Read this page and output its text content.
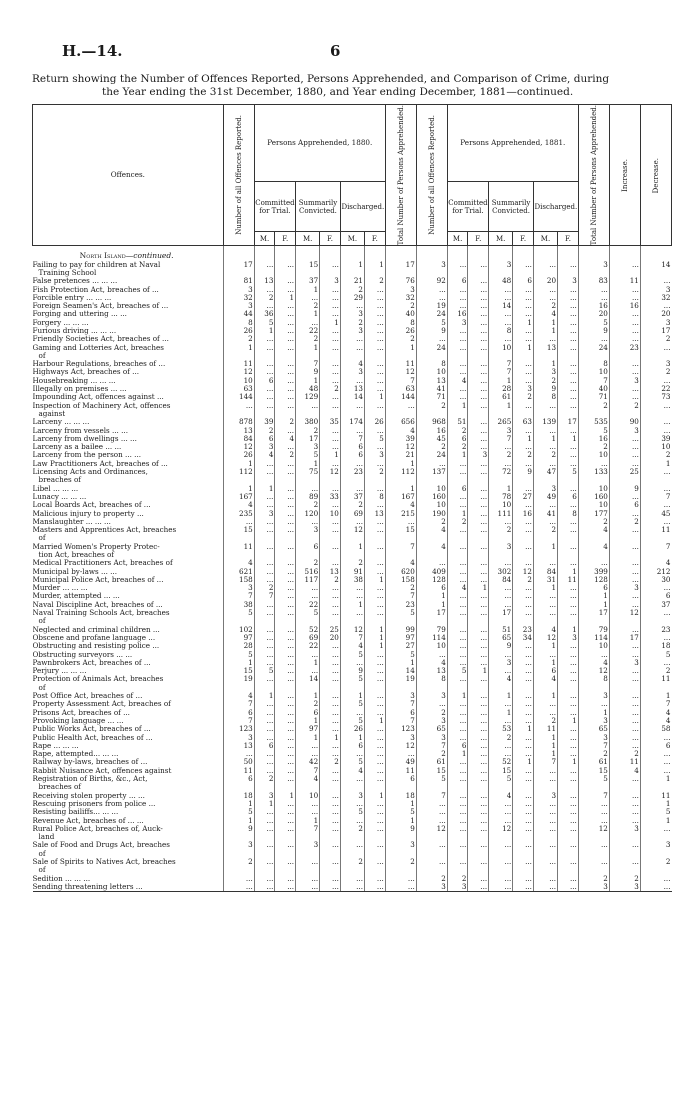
H.—14.	6
Return showing the Number of Offences Reported, Persons Apprehended, and Comparison of Crime, during
the Year ending the 31st December, 1880, and Year ending December, 1881—continued.
Offences.	Number of all Offences Reported.	Persons Apprehended, 1880.						Total Number of Persons Apprehended.	Number of all Offences Reported.	Persons Apprehended, 1881.						Total Number of Persons Apprehended.	Increase.	Decrease.

		Committed for Trial.		Summarily Convicted.		Discharged.				Committed for Trial.		Summarily Convicted.		Discharged.				
		M.	F.	M.	F.	M.	F.			M.	F.	M.	F.	M.	F.			
North Island—continued.																		

Failing to pay for children at Naval
Training School	17	...	...	15	...	1	1	17	3	...	...	3	...	...	...	3	...	14

False pretences ... ... ...	81	13	...	37	3	21	2	76	92	6	...	48	6	20	3	83	11	...

Fish Protection Act, breaches of ...	3	...	...	1	...	2	...	3	...	...	...	...	...	...	...	...	...	3

Forcible entry ... ... ...	32	2	1	...	...	29	...	32	...	...	...	...	...	...	...	...	...	32

Foreign Seamen's Act, breaches of ...	3	...	...	2	...	...	...	2	19	...	...	14	...	2	...	16	16	...

Forging and uttering ... ...	44	36	...	1	...	3	...	40	24	16	...	...	...	4	...	20	...	20

Forgery ... ... ...	8	5	...	...	1	2	...	8	5	3	...	...	1	1	...	5	...	3

Furious driving ... ... ...	26	1	...	22	...	3	...	26	9	...	...	8	...	1	...	9	...	17

Friendly Societies Act, breaches of ...	2	...	...	2	...	...	...	2	...	...	...	...	...	...	...	...	...	2

Gaming and Lotteries Act, breaches
of	1	...	...	1	...	...	...	1	24	...	...	10	1	13	...	24	23	...

Harbour Regulations, breaches of ...	11	...	...	7	...	4	...	11	8	...	...	7	...	1	...	8	...	3

Highways Act, breaches of ...	12	...	...	9	...	3	...	12	10	...	...	7	...	3	...	10	...	2

Housebreaking ... ... ...	10	6	...	1	...	...	...	7	13	4	...	1	...	2	...	7	3	...

Illegally on premises ... ...	63	...	...	48	2	13	...	63	41	...	...	28	3	9	...	40	...	22

Impounding Act, offences against ...	144	...	...	129	...	14	1	144	71	...	...	61	2	8	...	71	...	73

Inspection of Machinery Act, offences
against	...	...	...	...	...	...	...	...	2	1	...	1	...	...	...	2	2	...

Larceny ... ... ...	878	39	2	380	35	174	26	656	968	51	...	265	63	139	17	535	90	...

Larceny from vessels ... ...	13	2	...	2	...	...	...	4	16	2	...	3	...	...	...	5	3	...

Larceny from dwellings ... ...	84	6	4	17	...	7	5	39	45	6	...	7	1	1	1	16	...	39

Larceny as a bailee ... ...	12	3	...	3	...	6	...	12	2	2	...	...	...	...	...	2	...	10

Larceny from the person ... ...	26	4	2	5	1	6	3	21	24	1	3	2	2	2	...	10	...	2

Law Practitioners Act, breaches of ...	1	...	...	1	...	...	...	1	...	...	...	...	...	...	...	...	...	1

Licensing Acts and Ordinances,
breaches of	112	...	...	75	12	23	2	112	137	...	...	72	9	47	5	133	25	...

Libel ... ... ...	1	1	...	...	...	...	...	1	10	6	...	1	...	3	...	10	9	...

Lunacy ... ... ...	167	...	...	89	33	37	8	167	160	...	...	78	27	49	6	160	...	7

Local Boards Act, breaches of ...	4	...	...	2	...	2	...	4	10	...	...	10	...	...	...	10	6	...

Malicious injury to property ...	235	3	...	120	10	69	13	215	190	1	...	111	16	41	8	177	...	45

Manslaughter ... ... ...	...	...	...	...	...	...	...	...	2	2	...	...	...	...	...	2	2	...

Masters and Apprentices Act, breaches
of	15	...	...	3	...	12	...	15	4	...	...	2	...	2	...	4	...	11

Married Women's Property Protec-
tion Act, breaches of	11	...	...	6	...	1	...	7	4	...	...	3	...	1	...	4	...	7

Medical Practitioners Act, breaches of	4	...	...	2	...	2	...	4	...	...	...	...	...	...	...	...	...	4

Municipal by-laws ... ...	621	...	...	516	13	91	...	620	409	...	...	302	12	84	1	399	...	212

Municipal Police Act, breaches of ...	158	...	...	117	2	38	1	158	128	...	...	84	2	31	11	128	...	30

Murder ... ... ...	3	2	...	...	...	...	...	2	6	4	1	...	...	1	...	6	3	...

Murder, attempted ... ...	7	7	...	...	...	...	...	7	1	...	...	...	...	...	...	1	...	6

Naval Discipline Act, breaches of ...	38	...	...	22	...	1	...	23	1	...	...	...	...	...	...	1	...	37

Naval Training Schools Act, breaches
of	5	...	...	5	...	...	...	5	17	...	...	17	...	...	...	17	12	...

Neglected and criminal children ...	102	...	...	52	25	12	1	99	79	...	...	51	23	4	1	79	...	23

Obscene and profane language ...	97	...	...	69	20	7	1	97	114	...	...	65	34	12	3	114	17	...

Obstructing and resisting police ...	28	...	...	22	...	4	1	27	10	...	...	9	...	1	...	10	...	18

Obstructing surveyors ... ...	5	...	...	...	...	5	...	5	...	...	...	...	...	...	...	...	...	5

Pawnbrokers Act, breaches of ...	1	...	...	1	...	...	...	1	4	...	...	3	...	1	...	4	3	...

Perjury ... ... ...	15	5	...	...	...	9	...	14	13	5	1	...	...	6	...	12	...	2

Protection of Animals Act, breaches
of	19	...	...	14	...	5	...	19	8	...	...	4	...	4	...	8	...	11

Post Office Act, breaches of ...	4	1	...	1	...	1	...	3	3	1	...	1	...	1	...	3	...	1

Property Assessment Act, breaches of	7	...	...	2	...	5	...	7	...	...	...	...	...	...	...	...	...	7

Prisons Act, breaches of ...	6	...	...	6	...	...	...	6	2	...	...	1	...	...	...	1	...	4

Provoking language ... ...	7	...	...	1	...	5	1	7	3	...	...	...	...	2	1	3	...	4

Public Works Act, breaches of ...	123	...	...	97	...	26	...	123	65	...	...	53	1	11	...	65	...	58

Public Health Act, breaches of ...	3	...	...	1	1	1	...	3	3	...	...	2	...	1	...	3	...	...

Rape ... ... ...	13	6	...	...	...	6	...	12	7	6	...	...	...	1	...	7	...	6

Rape, attempted... ... ...	...	...	...	...	...	...	...	...	2	1	...	...	...	1	...	2	2	...

Railway by-laws, breaches of ...	50	...	...	42	2	5	...	49	61	...	...	52	1	7	1	61	11	...

Rabbit Nuisance Act, offences against	11	...	...	7	...	4	...	11	15	...	...	15	...	...	...	15	4	...

Registration of Births, &c., Act,
breaches of	6	2	...	4	...	...	...	6	5	...	...	5	...	...	...	5	...	1

Receiving stolen property ... ...	18	3	1	10	...	3	1	18	7	...	...	4	...	3	...	7	...	11

Rescuing prisoners from police ...	1	1	...	...	...	...	...	1	...	...	...	...	...	...	...	...	...	1

Resisting bailiffs... ... ...	5	...	...	...	...	5	...	5	...	...	...	...	...	...	...	...	...	5

Revenue Act, breaches of ... ...	1	...	...	1	...	...	...	1	...	...	...	...	...	...	...	...	...	1

Rural Police Act, breaches of, Auck-
land	9	...	...	7	...	2	...	9	12	...	...	12	...	...	...	12	3	...

Sale of Food and Drugs Act, breaches
of	3	...	...	3	...	...	...	3	...	...	...	...	...	...	...	...	...	3

Sale of Spirits to Natives Act, breaches
of	2	...	...	...	...	2	...	2	...	...	...	...	...	...	...	...	...	2

Sedition ... ... ...	...	...	...	...	...	...	...	...	2	2	...	...	...	...	...	2	2	...

Sending threatening letters ...	...	...	...	...	...	...	...	...	3	3	...	...	...	...	...	3	3	...
